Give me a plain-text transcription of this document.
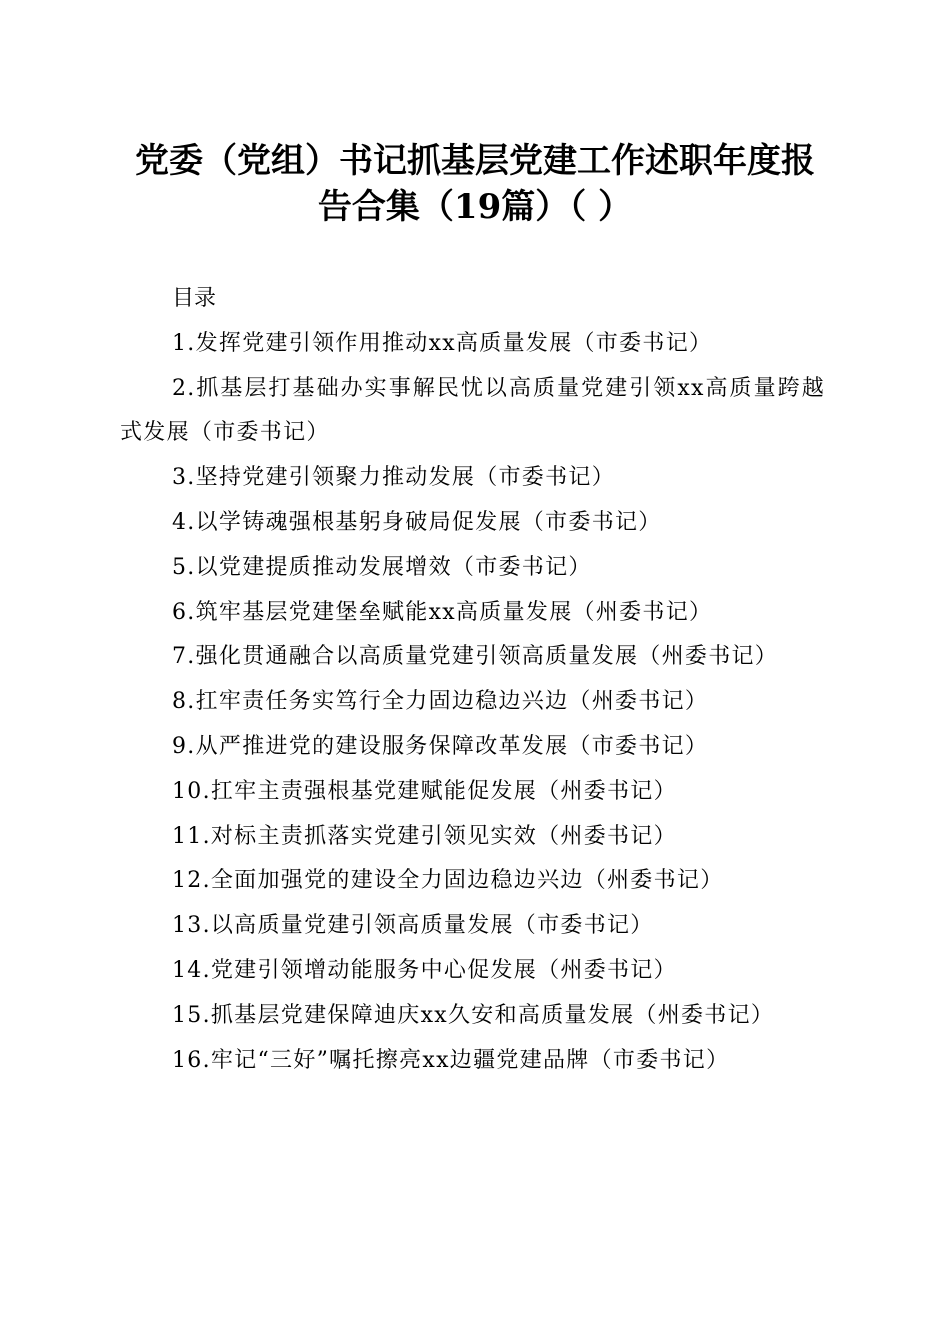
党委（党组）书记抓基层党建工作述职年度报
告合集（19篇）（ ）
目录
1.发挥党建引领作用推动xx高质量发展（市委书记）
2.抓基层打基础办实事解民忧以高质量党建引领xx高质量跨越式发展（市委书记）
3.坚持党建引领聚力推动发展（市委书记）
4.以学铸魂强根基躬身破局促发展（市委书记）
5.以党建提质推动发展增效（市委书记）
6.筑牢基层党建堡垒赋能xx高质量发展（州委书记）
7.强化贯通融合以高质量党建引领高质量发展（州委书记）
8.扛牢责任务实笃行全力固边稳边兴边（州委书记）
9.从严推进党的建设服务保障改革发展（市委书记）
10.扛牢主责强根基党建赋能促发展（州委书记）
11.对标主责抓落实党建引领见实效（州委书记）
12.全面加强党的建设全力固边稳边兴边（州委书记）
13.以高质量党建引领高质量发展（市委书记）
14.党建引领增动能服务中心促发展（州委书记）
15.抓基层党建保障迪庆xx久安和高质量发展（州委书记）
16.牢记“三好”嘱托擦亮xx边疆党建品牌（市委书记）
